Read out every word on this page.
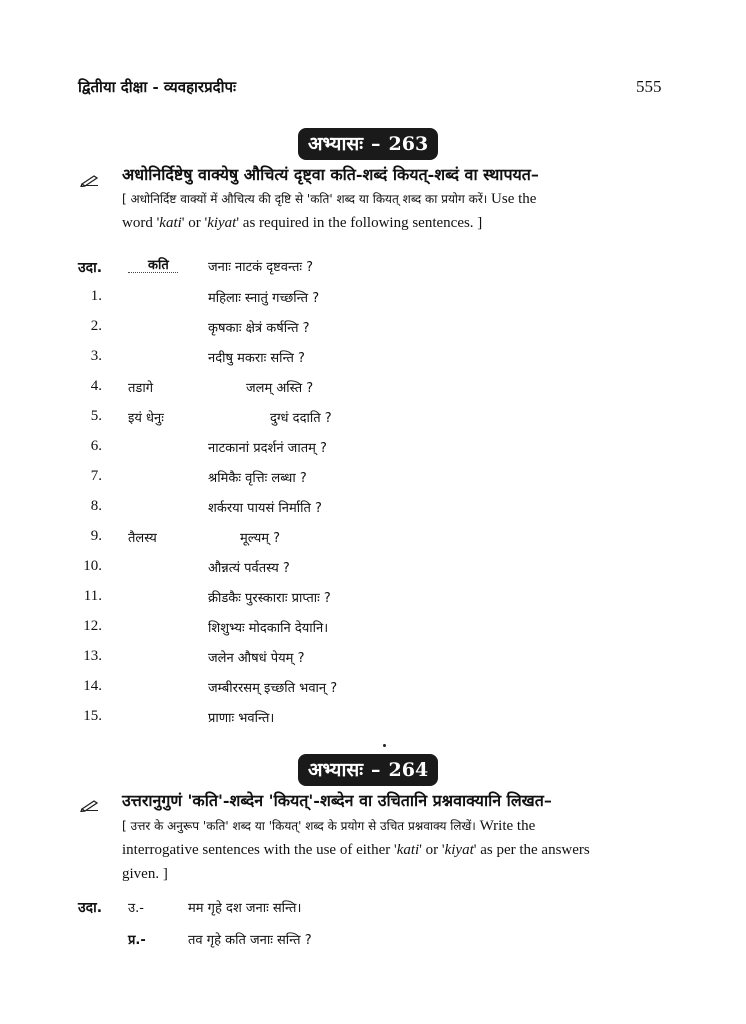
द्वितीया दीक्षा - व्यवहारप्रदीपः	555
अभ्यासः – 263
अधोनिर्दिष्टेषु वाक्येषु औचित्यं दृष्ट्वा कति-शब्दं कियत्-शब्दं वा स्थापयत–
[ अधोनिर्दिष्ट वाक्यों में औचित्य की दृष्टि से 'कति' शब्द या कियत् शब्द का प्रयोग करें। Use the
word 'kati' or 'kiyat' as required in the following sentences. ]
उदा.	कति	जनाः नाटकं दृष्टवन्तः ?
1.	महिलाः स्नातुं गच्छन्ति ?
2.	कृषकाः क्षेत्रं कर्षन्ति ?
3.	नदीषु मकराः सन्ति ?
4. तडागे	जलम् अस्ति ?
5. इयं धेनुः	दुग्धं ददाति ?
6.	नाटकानां प्रदर्शनं जातम् ?
7.	श्रमिकैः वृत्तिः लब्धा ?
8.	शर्करया पायसं निर्माति ?
9. तैलस्य	मूल्यम् ?
10.	औन्नत्यं पर्वतस्य ?
11.	क्रीडकैः पुरस्काराः प्राप्ताः ?
12.	शिशुभ्यः मोदकानि देयानि।
13.	जलेन औषधं पेयम् ?
14.	जम्बीररसम् इच्छति भवान् ?
15.	प्राणाः भवन्ति।
अभ्यासः – 264
उत्तरानुगुणं 'कति'-शब्देन 'कियत्'-शब्देन वा उचितानि प्रश्नवाक्यानि लिखत–
[ उत्तर के अनुरूप 'कति' शब्द या 'कियत्' शब्द के प्रयोग से उचित प्रश्नवाक्य लिखें। Write the
interrogative sentences with the use of either 'kati' or 'kiyat' as per the answers
given. ]
उदा. उ.-	मम गृहे दश जनाः सन्ति।
प्र.-	तव गृहे कति जनाः सन्ति ?
